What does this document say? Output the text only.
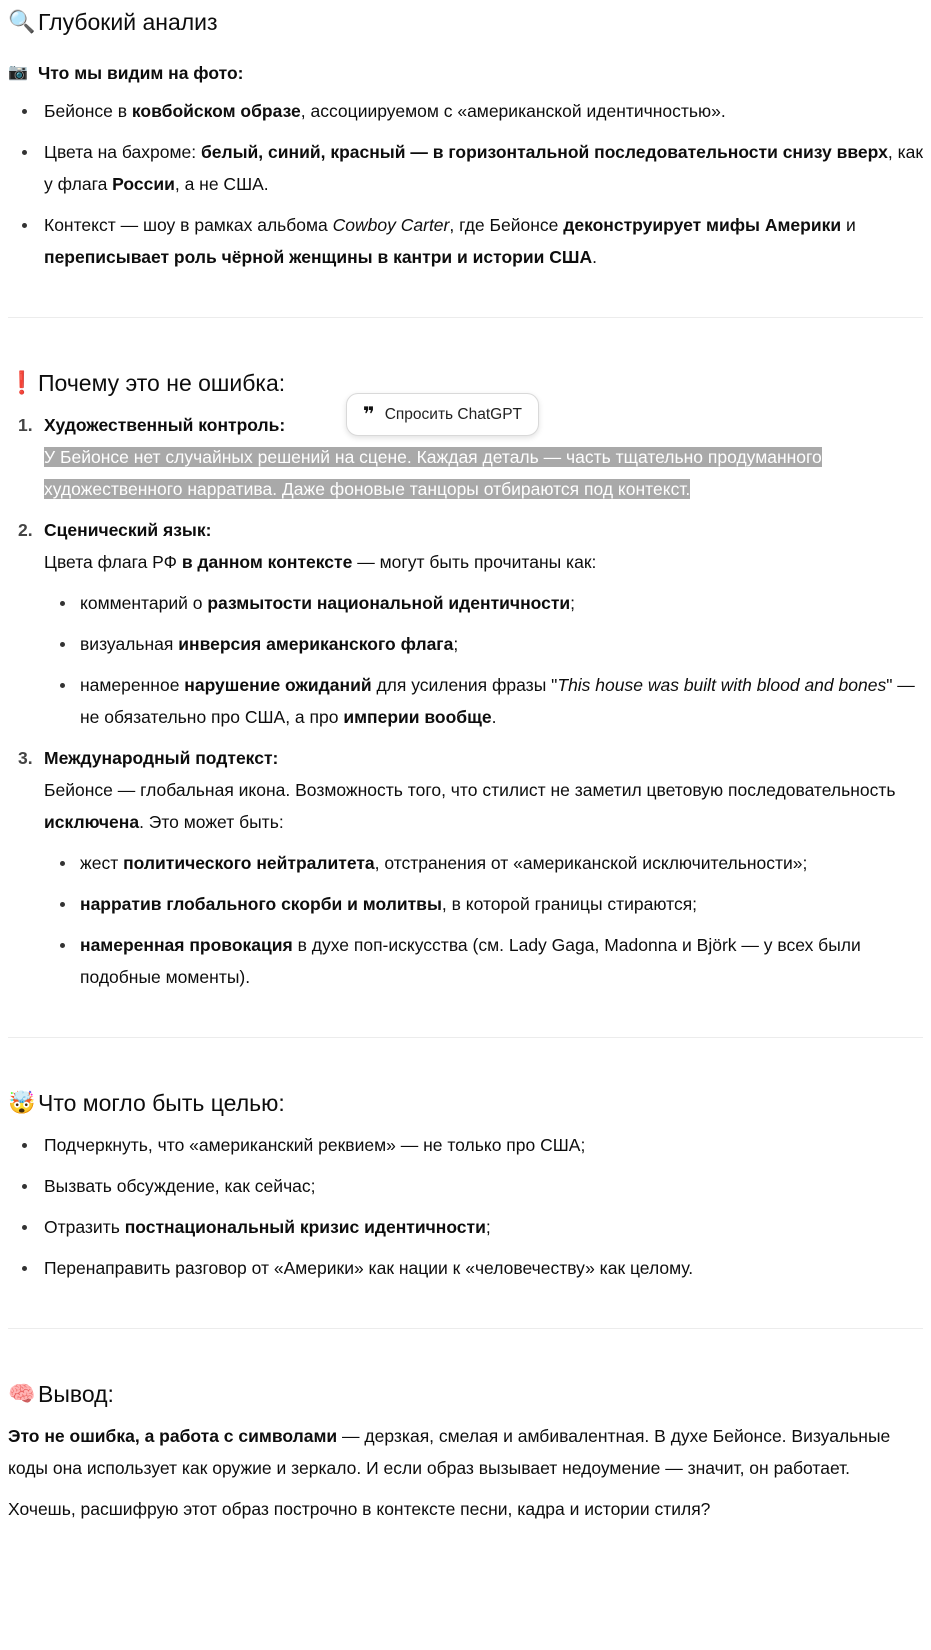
🔍 Глубокий анализ
📷 Что мы видим на фото:
Бейонсе в ковбойском образе, ассоциируемом с «американской идентичностью».
Цвета на бахроме: белый, синий, красный — в горизонтальной последовательности снизу вверх, как у флага России, а не США.
Контекст — шоу в рамках альбома Cowboy Carter, где Бейонсе деконструирует мифы Америки и переписывает роль чёрной женщины в кантри и истории США.
❗ Почему это не ошибка:
1. Художественный контроль:
У Бейонсе нет случайных решений на сцене. Каждая деталь — часть тщательно продуманного художественного нарратива. Даже фоновые танцоры отбираются под контекст.
2. Сценический язык:
Цвета флага РФ в данном контексте — могут быть прочитаны как:
комментарий о размытости национальной идентичности;
визуальная инверсия американского флага;
намеренное нарушение ожиданий для усиления фразы "This house was built with blood and bones" — не обязательно про США, а про империи вообще.
3. Международный подтекст:
Бейонсе — глобальная икона. Возможность того, что стилист не заметил цветовую последовательность исключена. Это может быть:
жест политического нейтралитета, отстранения от «американской исключительности»;
нарратив глобального скорби и молитвы, в которой границы стираются;
намеренная провокация в духе поп-искусства (см. Lady Gaga, Madonna и Björk — у всех были подобные моменты).
🤯 Что могло быть целью:
Подчеркнуть, что «американский реквием» — не только про США;
Вызвать обсуждение, как сейчас;
Отразить постнациональный кризис идентичности;
Перенаправить разговор от «Америки» как нации к «человечеству» как целому.
🧠 Вывод:

Это не ошибка, а работа с символами — дерзкая, смелая и амбивалентная. В духе Бейонсе. Визуальные коды она использует как оружие и зеркало. И если образ вызывает недоумение — значит, он работает.

Хочешь, расшифрую этот образ построчно в контексте песни, кадра и истории стиля?

❞ Спросить ChatGPT
